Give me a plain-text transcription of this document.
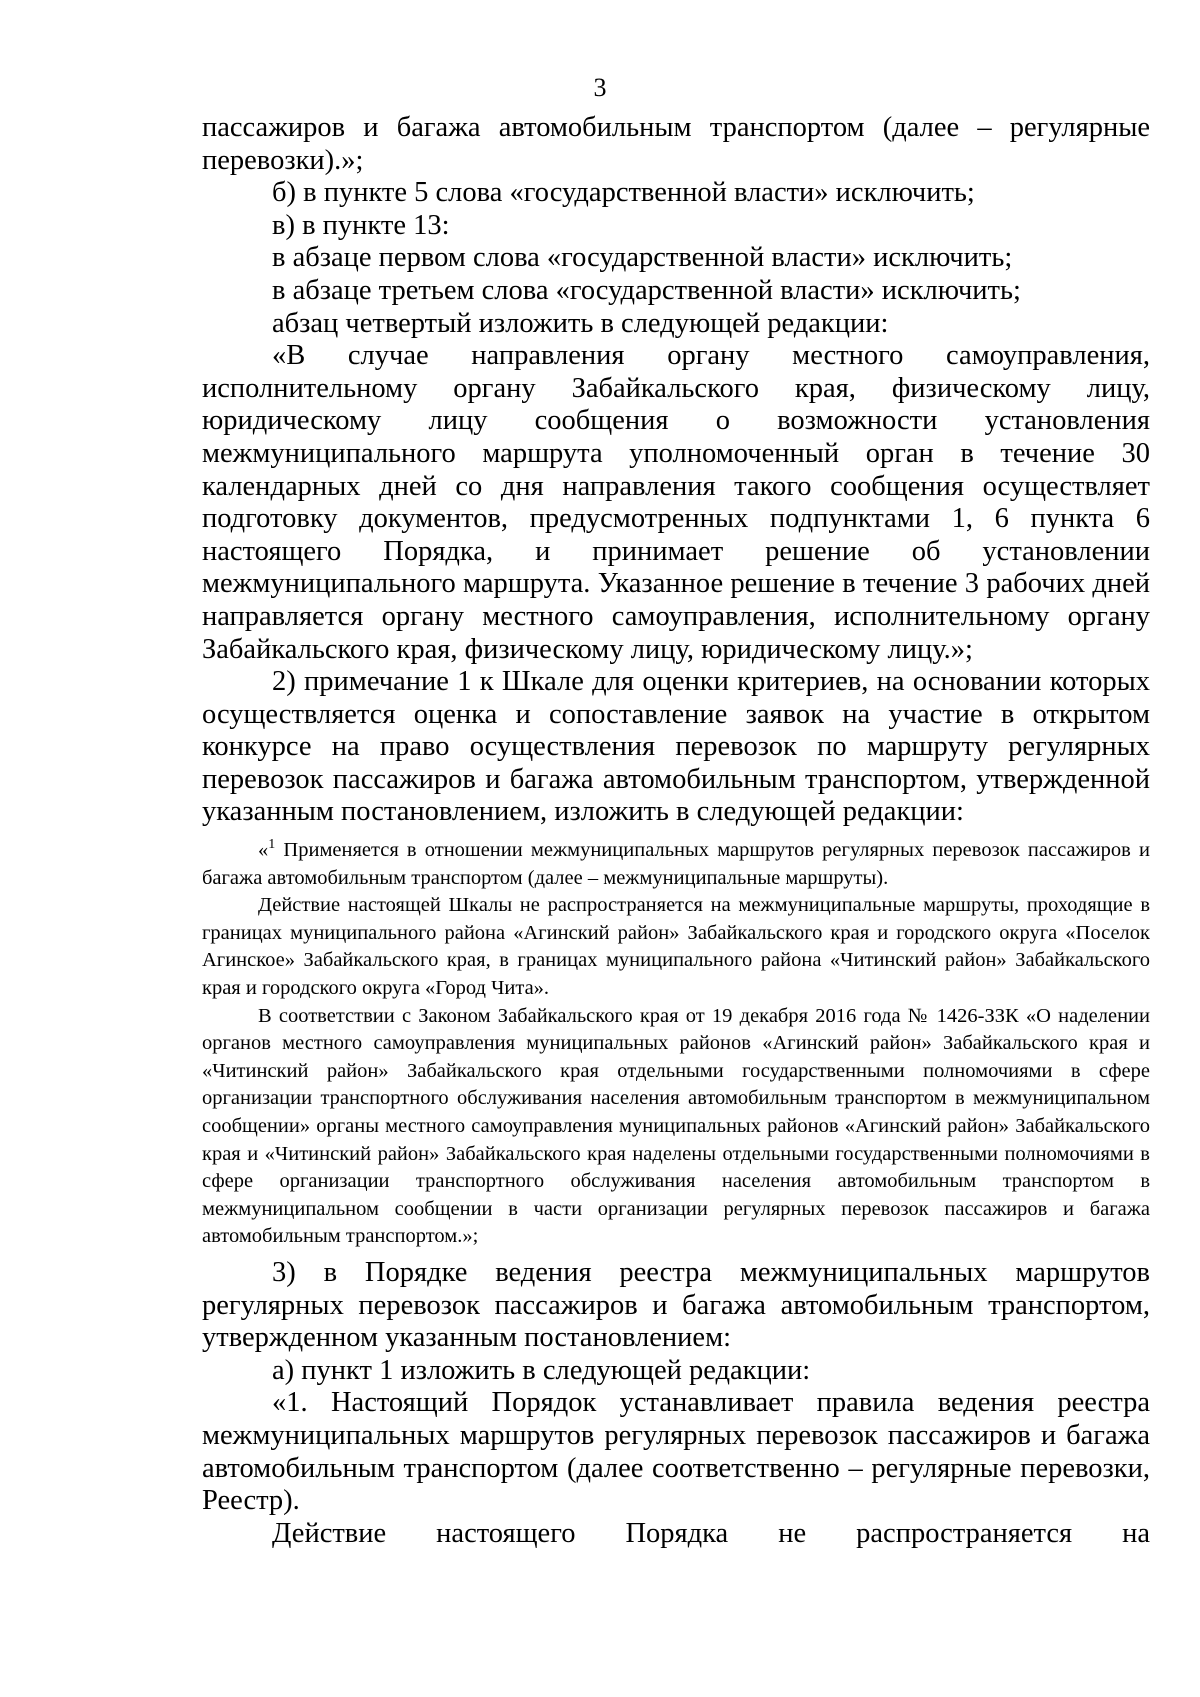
3

пассажиров и багажа автомобильным транспортом (далее – регулярные перевозки).»;

б) в пункте 5 слова «государственной власти» исключить;

в) в пункте 13:

в абзаце первом слова «государственной власти» исключить;

в абзаце третьем слова «государственной власти» исключить;

абзац четвертый изложить в следующей редакции:

«В случае направления органу местного самоуправления, исполнительному органу Забайкальского края, физическому лицу, юридическому лицу сообщения о возможности установления межмуниципального маршрута уполномоченный орган в течение 30 календарных дней со дня направления такого сообщения осуществляет подготовку документов, предусмотренных подпунктами 1, 6 пункта 6 настоящего Порядка, и принимает решение об установлении межмуниципального маршрута. Указанное решение в течение 3 рабочих дней направляется органу местного самоуправления, исполнительному органу Забайкальского края, физическому лицу, юридическому лицу.»;

2) примечание 1 к Шкале для оценки критериев, на основании которых осуществляется оценка и сопоставление заявок на участие в открытом конкурсе на право осуществления перевозок по маршруту регулярных перевозок пассажиров и багажа автомобильным транспортом, утвержденной указанным постановлением, изложить в следующей редакции:

«$^1$ Применяется в отношении межмуниципальных маршрутов регулярных перевозок пассажиров и багажа автомобильным транспортом (далее – межмуниципальные маршруты).

Действие настоящей Шкалы не распространяется на межмуниципальные маршруты, проходящие в границах муниципального района «Агинский район» Забайкальского края и городского округа «Поселок Агинское» Забайкальского края, в границах муниципального района «Читинский район» Забайкальского края и городского округа «Город Чита».

В соответствии с Законом Забайкальского края от 19 декабря 2016 года № 1426-ЗЗК «О наделении органов местного самоуправления муниципальных районов «Агинский район» Забайкальского края и «Читинский район» Забайкальского края отдельными государственными полномочиями в сфере организации транспортного обслуживания населения автомобильным транспортом в межмуниципальном сообщении» органы местного самоуправления муниципальных районов «Агинский район» Забайкальского края и «Читинский район» Забайкальского края наделены отдельными государственными полномочиями в сфере организации транспортного обслуживания населения автомобильным транспортом в межмуниципальном сообщении в части организации регулярных перевозок пассажиров и багажа автомобильным транспортом.»;

3) в Порядке ведения реестра межмуниципальных маршрутов регулярных перевозок пассажиров и багажа автомобильным транспортом, утвержденном указанным постановлением:

а) пункт 1 изложить в следующей редакции:

«1. Настоящий Порядок устанавливает правила ведения реестра межмуниципальных маршрутов регулярных перевозок пассажиров и багажа автомобильным транспортом (далее соответственно – регулярные перевозки, Реестр).

Действие настоящего Порядка не распространяется на
